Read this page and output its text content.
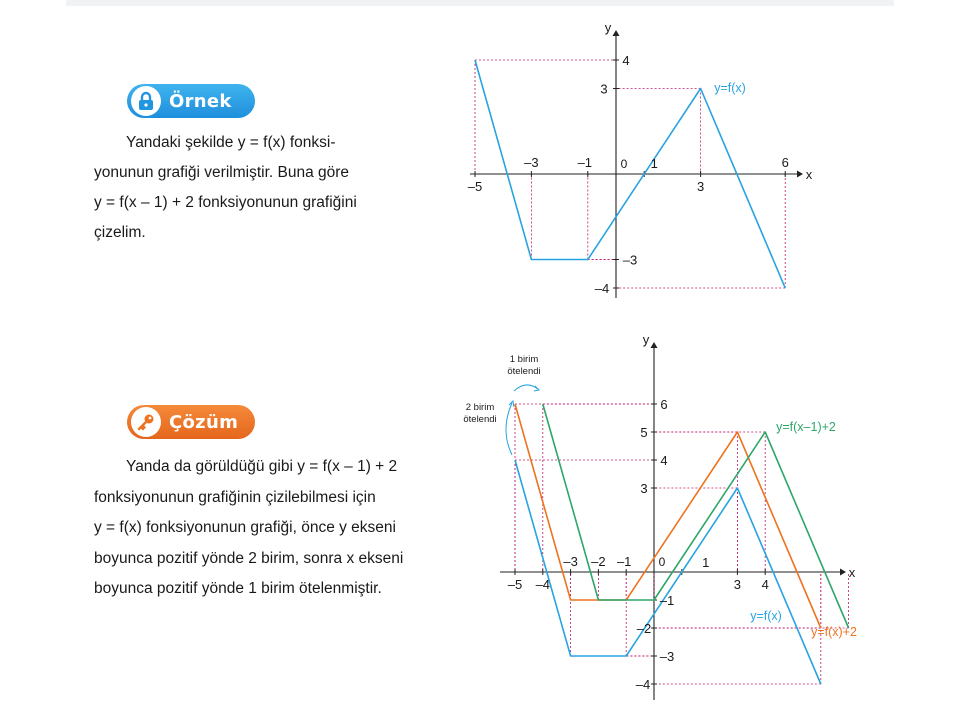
Örnek
Yandaki şekilde y = f(x) fonksi-
yonunun grafiği verilmiştir. Buna göre
y = f(x – 1) + 2 fonksiyonunun grafiğini
çizelim.
Çözüm
Yanda da görüldüğü gibi y = f(x – 1) + 2
fonksiyonunun grafiğinin çizilebilmesi için
y = f(x) fonksiyonunun grafiği, önce y ekseni
boyunca pozitif yönde 2 birim, sonra x ekseni
boyunca pozitif yönde 1 birim ötelenmiştir.
x
y
0
–5
–3	–1	1
3
6
4
3
–3
–4
y=f(x)
x
y
0
–5 –4
–3 –2 –1	1
3 4
6
5
4
3
–1
–2
–3
–4
y=f(x)
y=f(x)+2
y=f(x–1)+2
1 birim
ötelendi
2 birim
ötelendi
